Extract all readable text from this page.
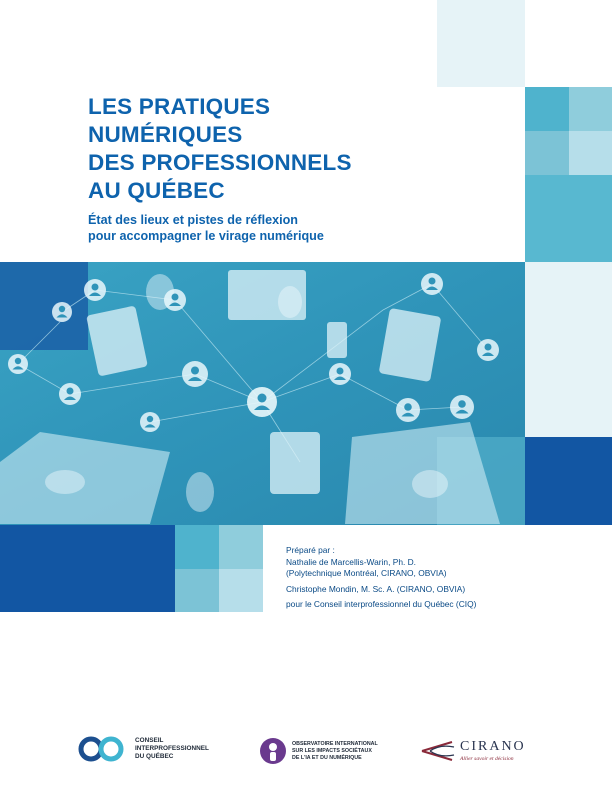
LES PRATIQUES
NUMÉRIQUES
DES PROFESSIONNELS
AU QUÉBEC
État des lieux et pistes de réflexion
pour accompagner le virage numérique
Préparé par :
Nathalie de Marcellis-Warin, Ph. D.
(Polytechnique Montréal, CIRANO, OBVIA)
Christophe Mondin, M. Sc. A. (CIRANO, OBVIA)
pour le Conseil interprofessionnel du Québec (CIQ)
CONSEIL
INTERPROFESSIONNEL
DU QUÉBEC
OBSERVATOIRE INTERNATIONAL
SUR LES IMPACTS SOCIÉTAUX
DE L'IA ET DU NUMÉRIQUE
CIRANO
Allier savoir et décision
